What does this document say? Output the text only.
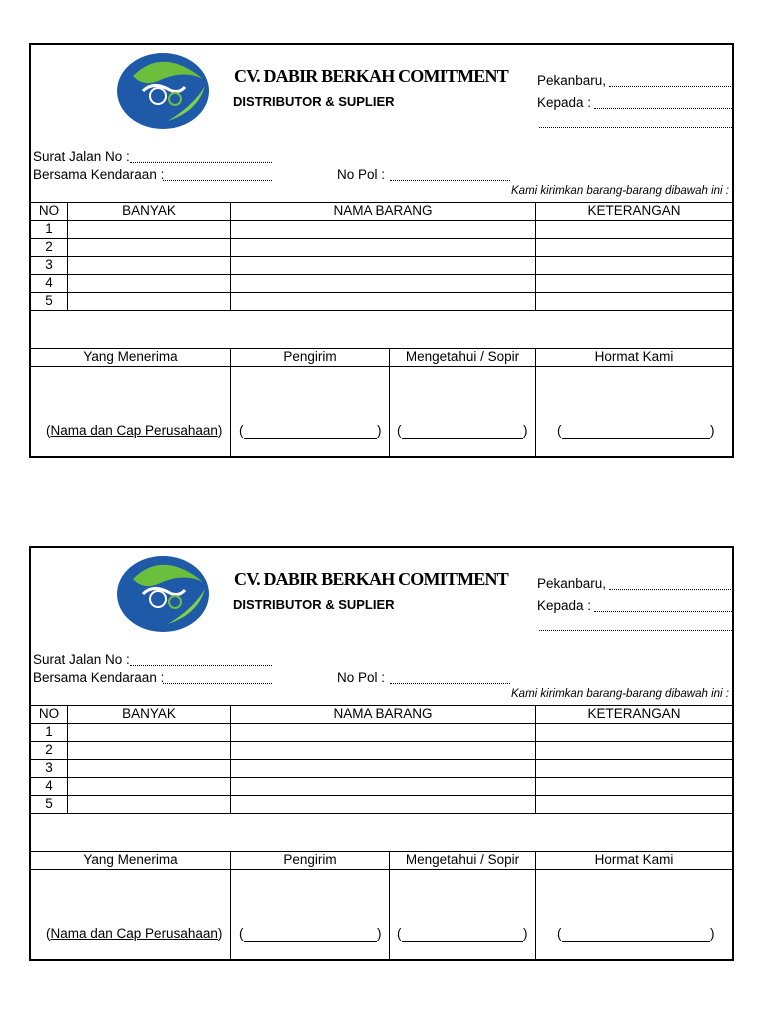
CV. DABIR BERKAH COMITMENT
DISTRIBUTOR & SUPLIER
Pekanbaru,
Kepada :
Surat Jalan No :
Bersama Kendaraan :	No Pol :
Kami kirimkan barang-barang dibawah ini :
NO	BANYAK	NAMA BARANG	KETERANGAN
1
2
3
4
5
Yang Menerima	Pengirim	Mengetahui / Sopir	Hormat Kami
(Nama dan Cap Perusahaan) (	) (	) (	)
CV. DABIR BERKAH COMITMENT
DISTRIBUTOR & SUPLIER
Pekanbaru,
Kepada :
Surat Jalan No :
Bersama Kendaraan :	No Pol :
Kami kirimkan barang-barang dibawah ini :
NO	BANYAK	NAMA BARANG	KETERANGAN
1
2
3
4
5
Yang Menerima	Pengirim	Mengetahui / Sopir	Hormat Kami
(Nama dan Cap Perusahaan) (	) (	) (	)
